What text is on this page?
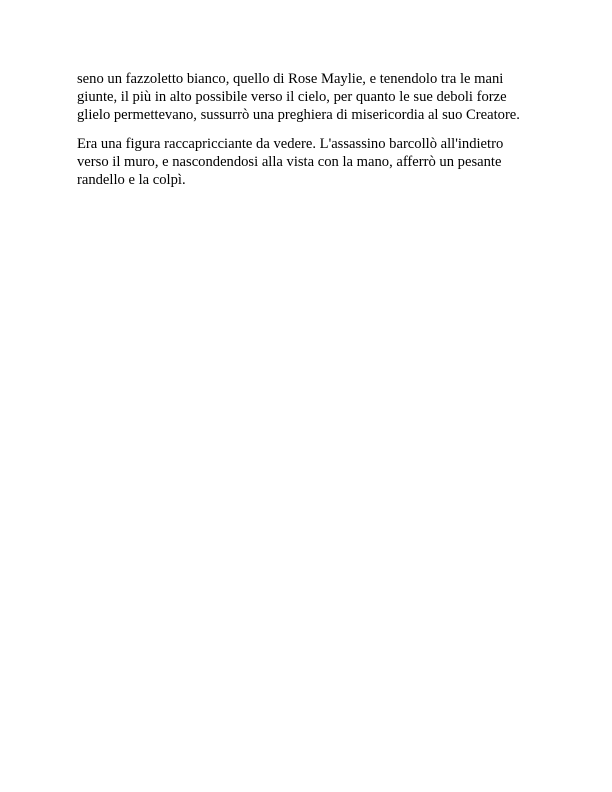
seno un fazzoletto bianco, quello di Rose Maylie, e tenendolo tra le mani
giunte, il più in alto possibile verso il cielo, per quanto le sue deboli forze
glielo permettevano, sussurrò una preghiera di misericordia al suo Creatore.

Era una figura raccapricciante da vedere. L'assassino barcollò all'indietro
verso il muro, e nascondendosi alla vista con la mano, afferrò un pesante
randello e la colpì.
